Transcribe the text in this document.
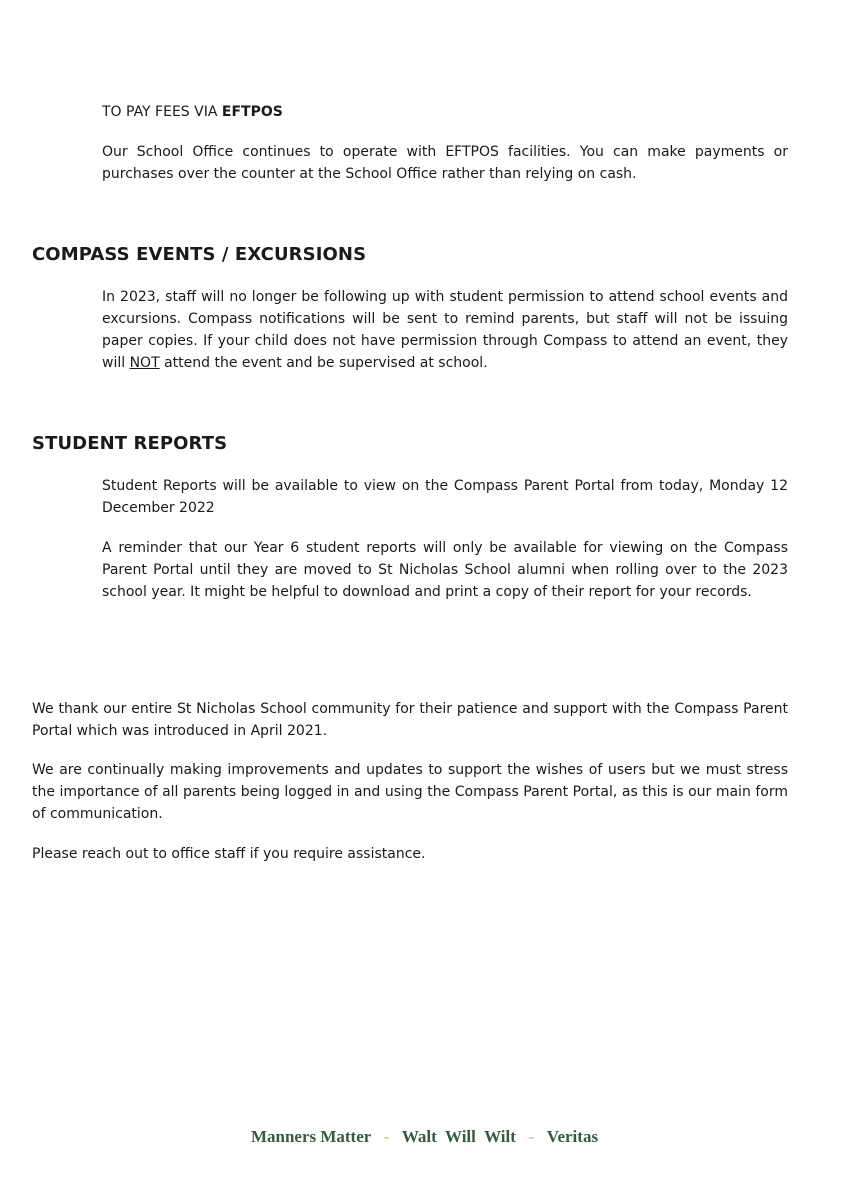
TO PAY FEES VIA EFTPOS
Our School Office continues to operate with EFTPOS facilities. You can make payments or purchases over the counter at the School Office rather than relying on cash.
COMPASS EVENTS / EXCURSIONS
In 2023, staff will no longer be following up with student permission to attend school events and excursions. Compass notifications will be sent to remind parents, but staff will not be issuing paper copies. If your child does not have permission through Compass to attend an event, they will NOT attend the event and be supervised at school.
STUDENT REPORTS
Student Reports will be available to view on the Compass Parent Portal from today, Monday 12 December 2022
A reminder that our Year 6 student reports will only be available for viewing on the Compass Parent Portal until they are moved to St Nicholas School alumni when rolling over to the 2023 school year. It might be helpful to download and print a copy of their report for your records.
We thank our entire St Nicholas School community for their patience and support with the Compass Parent Portal which was introduced in April 2021.
We are continually making improvements and updates to support the wishes of users but we must stress the importance of all parents being logged in and using the Compass Parent Portal, as this is our main form of communication.
Please reach out to office staff if you require assistance.
Manners Matter - Walt  Will  Wilt - Veritas
